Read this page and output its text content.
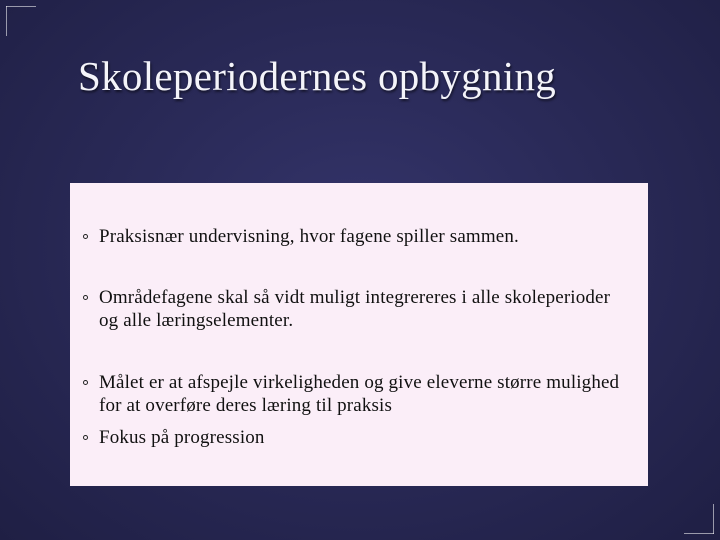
Skoleperiodernes opbygning
Praksisnær undervisning, hvor fagene spiller sammen.
Områdefagene skal så vidt muligt integrereres i alle skoleperioder og alle læringselementer.
Målet er at afspejle virkeligheden og give eleverne større mulighed for at overføre deres læring til praksis
Fokus på progression
